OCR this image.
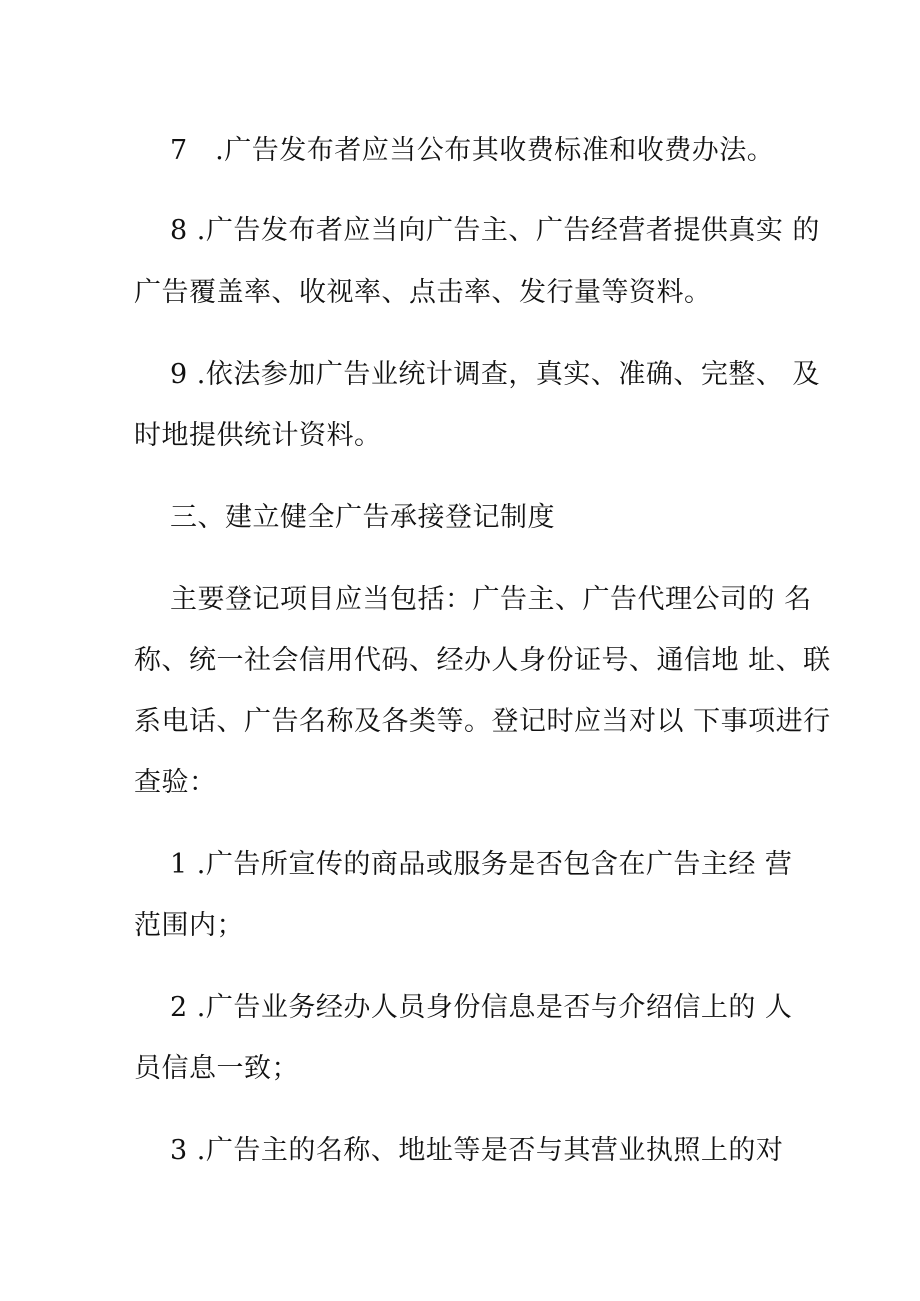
7　.广告发布者应当公布其收费标准和收费办法。
8 .广告发布者应当向广告主、广告经营者提供真实 的
广告覆盖率、收视率、点击率、发行量等资料。
9 .依法参加广告业统计调查，真实、准确、完整、 及
时地提供统计资料。
三、建立健全广告承接登记制度
主要登记项目应当包括：广告主、广告代理公司的 名
称、统一社会信用代码、经办人身份证号、通信地 址、联
系电话、广告名称及各类等。登记时应当对以 下事项进行
查验：
1 .广告所宣传的商品或服务是否包含在广告主经 营
范围内；
2 .广告业务经办人员身份信息是否与介绍信上的 人
员信息一致；
3 .广告主的名称、地址等是否与其营业执照上的对
